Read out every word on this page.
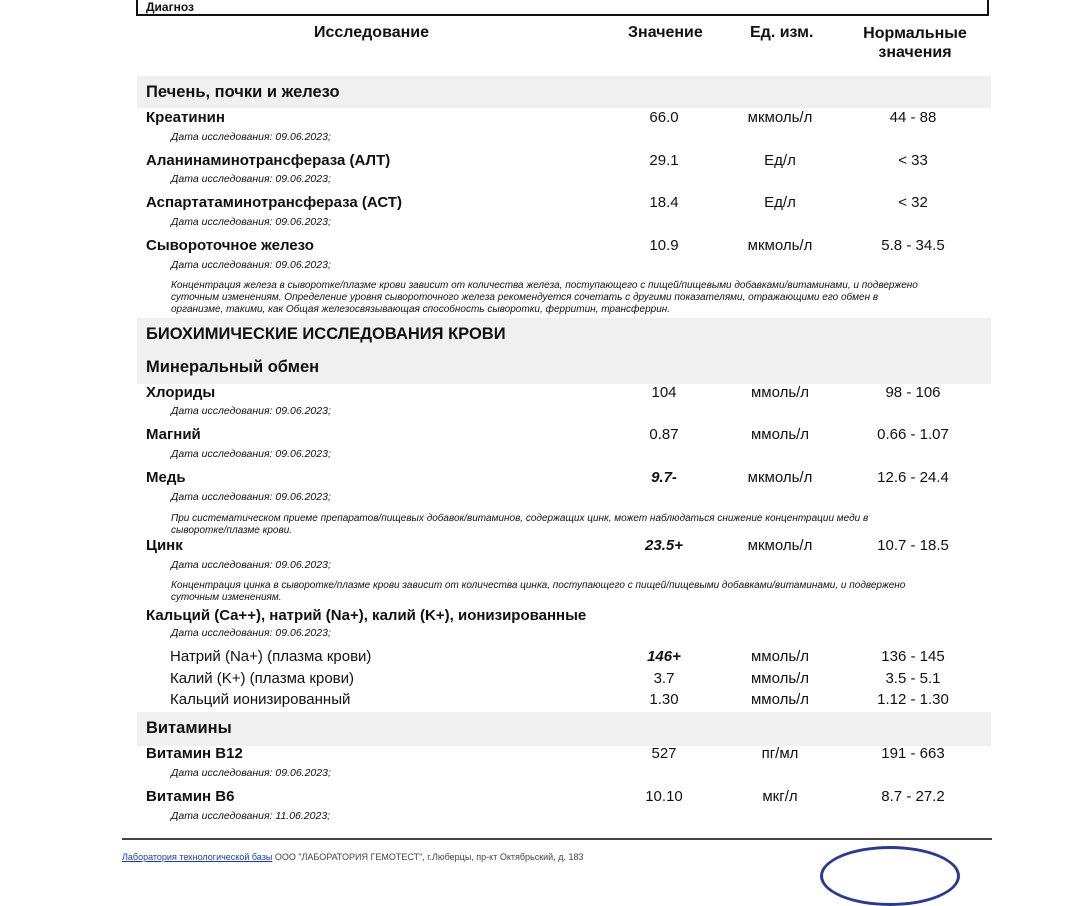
Диагноз
Исследование	Значение	Ед. изм.	Нормальные
значения
Печень, почки и железо
БИОХИМИЧЕСКИЕ ИССЛЕДОВАНИЯ КРОВИ
Минеральный обмен
Витамины
Креатинин	66.0	мкмоль/л	44 - 88
Дата исследования: 09.06.2023;
Аланинаминотрансфераза (АЛТ)	29.1	Ед/л	< 33
Дата исследования: 09.06.2023;
Аспартатаминотрансфераза (АСТ)	18.4	Ед/л	< 32
Дата исследования: 09.06.2023;
Сывороточное железо	10.9	мкмоль/л	5.8 - 34.5
Дата исследования: 09.06.2023;
Концентрация железа в сыворотке/плазме крови зависит от количества железа, поступающего с пищей/пищевыми добавками/витаминами, и подвержено
суточным изменениям. Определение уровня сывороточного железа рекомендуется сочетать с другими показателями, отражающими его обмен в
организме, такими, как Общая железосвязывающая способность сыворотки, ферритин, трансферрин.
Хлориды	104	ммоль/л	98 - 106
Дата исследования: 09.06.2023;
Магний	0.87	ммоль/л	0.66 - 1.07
Дата исследования: 09.06.2023;
Медь	9.7-	мкмоль/л	12.6 - 24.4
Дата исследования: 09.06.2023;
При систематическом приеме препаратов/пищевых добавок/витаминов, содержащих цинк, может наблюдаться снижение концентрации меди в
сыворотке/плазме крови.
Цинк	23.5+	мкмоль/л	10.7 - 18.5
Дата исследования: 09.06.2023;
Концентрация цинка в сыворотке/плазме крови зависит от количества цинка, поступающего с пищей/пищевыми добавками/витаминами, и подвержено
суточным изменениям.
Кальций (Ca++), натрий (Na+), калий (K+), ионизированные
Дата исследования: 09.06.2023;
Натрий (Na+) (плазма крови)	146+	ммоль/л	136 - 145
Калий (K+) (плазма крови)	3.7	ммоль/л	3.5 - 5.1
Кальций ионизированный	1.30	ммоль/л	1.12 - 1.30
Витамин B12	527	пг/мл	191 - 663
Дата исследования: 09.06.2023;
Витамин B6	10.10	мкг/л	8.7 - 27.2
Дата исследования: 11.06.2023;
Лаборатория технологической базы ООО "ЛАБОРАТОРИЯ ГЕМОТЕСТ", г.Люберцы, пр-кт Октябрьский, д. 183
